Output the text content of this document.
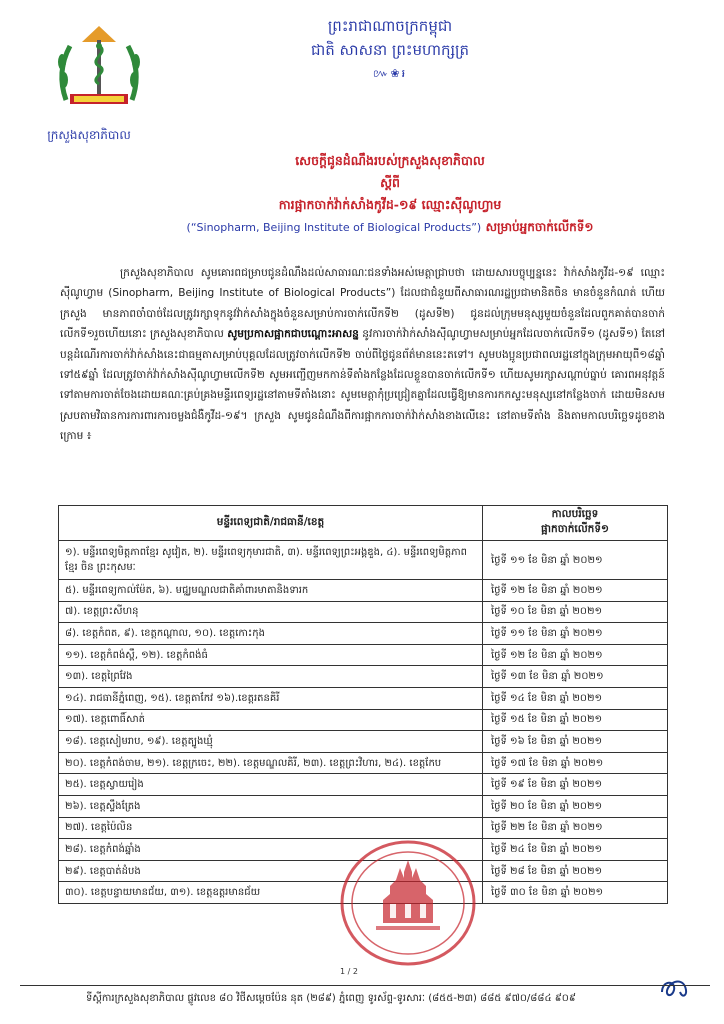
ក្រសួងសុខាភិបាល
ព្រះរាជាណាចក្រកម្ពុជា
ជាតិ សាសនា ព្រះមហាក្សត្រ
៚❀៛
សេចក្តីជូនដំណឹងរបស់ក្រសួងសុខាភិបាល
ស្តីពី
ការផ្អាកចាក់វ៉ាក់សាំងកូវីដ-១៩ ឈ្មោះស៊ីណូហ្វាម
(“Sinopharm, Beijing Institute of Biological Products”) សម្រាប់អ្នកចាក់លើកទី១

ក្រសួងសុខាភិបាល សូមគោរពជម្រាបជូនដំណឹងដល់សាធារណៈជនទាំងអស់មេត្តាជ្រាបថា ដោយសារបច្ចុប្បន្ននេះ វ៉ាក់សាំងកូវីដ-១៩ ឈ្មោះស៊ីណូហ្វាម (Sinopharm, Beijing Institute of Biological Products”) ដែលជាជំនួយពីសាធារណរដ្ឋប្រជាមានិតចិន មានចំនួនកំណត់ ហើយក្រសួង មានភាពចាំបាច់ដែលត្រូវរក្សាទុកនូវវ៉ាក់សាំងក្នុងចំនួនសម្រាប់ការចាក់លើកទី២ (ដូសទី២) ជូនដល់ក្រុមមនុស្សមួយចំនួនដែលពួកគាត់បានចាក់លើកទី១រួចហើយនោះ ក្រសួងសុខាភិបាល សូមប្រកាសផ្អាកជាបណ្តោះអាសន្ន នូវការចាក់វ៉ាក់សាំងស៊ីណូហ្វាមសម្រាប់អ្នកដែលចាក់លើកទី១ (ដូសទី១) តែនៅបន្តដំណើរការចាក់វ៉ាក់សាំងនេះជាធម្មតាសម្រាប់បុគ្គលដែលត្រូវចាក់លើកទី២ ចាប់ពីថ្ងៃជូនព័ត៌មាននេះតទៅ។ សូមបងប្អូនប្រជាពលរដ្ឋនៅក្នុងក្រុមអាយុពី១៨ឆ្នាំ ទៅ៥៩ឆ្នាំ ដែលត្រូវចាក់វ៉ាក់សាំងស៊ីណូហ្វាមលើកទី២ សូមអញ្ជើញមកកាន់ទីតាំងកន្លែងដែលខ្លួនបានចាក់លើកទី១ ហើយសូមរក្សាសណ្តាប់ធ្នាប់ គោរពអនុវត្តន៍ទៅតាមការចាត់ចែងដោយគណៈគ្រប់គ្រងមន្ទីរពេទ្យរដ្ឋនៅតាមទីតាំងនោះ សូមមេត្តាកុំប្រជ្រៀតគ្នាដែលធ្វើឱ្យមានការកកស្ទះមនុស្សនៅកន្លែងចាក់ ដោយមិនសមស្របតាមវិធានការការពារការចម្លងជំងឺកូវីដ-១៩។ ក្រសួង សូមជូនដំណឹងពីការផ្អាកការចាក់វ៉ាក់សាំងខាងលើនេះ នៅតាមទីតាំង និងតាមកាលបរិច្ឆេទដូចខាងក្រោម ៖

មន្ទីរពេទ្យជាតិ/រាជធានី/ខេត្ត	កាលបរិច្ឆេទ
ផ្អាកចាក់លើកទី១

១). មន្ទីរពេទ្យមិត្តភាពខ្មែរ សូវៀត, ២). មន្ទីរពេទ្យកុមារជាតិ, ៣). មន្ទីរពេទ្យព្រះអង្គឌួង, ៤). មន្ទីរពេទ្យមិត្តភាពខ្មែរ ចិន ព្រះកុសមៈ	ថ្ងៃទី ១១ ខែ មិនា ឆ្នាំ ២០២១
៥). មន្ទីរពេទ្យកាល់ម៉ែត, ៦). មជ្ឈមណ្ឌលជាតិគាំពារមាតានិងទារក	ថ្ងៃទី ១២ ខែ មិនា ឆ្នាំ ២០២១
៧). ខេត្តព្រះសីហនុ	ថ្ងៃទី ១០ ខែ មិនា ឆ្នាំ ២០២១
៨). ខេត្តកំពត, ៩). ខេត្តកណ្តាល, ១០). ខេត្តកោះកុង	ថ្ងៃទី ១១ ខែ មិនា ឆ្នាំ ២០២១
១១). ខេត្តកំពង់ស្ពឺ, ១២). ខេត្តកំពង់ធំ	ថ្ងៃទី ១២ ខែ មិនា ឆ្នាំ ២០២១
១៣). ខេត្តព្រៃវែង	ថ្ងៃទី ១៣ ខែ មិនា ឆ្នាំ ២០២១
១៤). រាជធានីភ្នំពេញ, ១៥). ខេត្តតាកែវ ១៦).ខេត្តរតនគិរី	ថ្ងៃទី ១៤ ខែ មិនា ឆ្នាំ ២០២១
១៧). ខេត្តពោធិ៍សាត់	ថ្ងៃទី ១៥ ខែ មិនា ឆ្នាំ ២០២១
១៨). ខេត្តសៀមរាប, ១៩). ខេត្តត្បូងឃ្មុំ	ថ្ងៃទី ១៦ ខែ មិនា ឆ្នាំ ២០២១
២០). ខេត្តកំពង់ចាម, ២១). ខេត្តក្រចេះ, ២២). ខេត្តមណ្ឌលគិរី, ២៣). ខេត្តព្រះវិហារ, ២៤). ខេត្តកែប	ថ្ងៃទី ១៧ ខែ មិនា ឆ្នាំ ២០២១
២៥). ខេត្តស្វាយរៀង	ថ្ងៃទី ១៩ ខែ មិនា ឆ្នាំ ២០២១
២៦). ខេត្តស្ទឹងត្រែង	ថ្ងៃទី ២០ ខែ មិនា ឆ្នាំ ២០២១
២៧). ខេត្តប៉ៃលិន	ថ្ងៃទី ២២ ខែ មិនា ឆ្នាំ ២០២១
២៨). ខេត្តកំពង់ឆ្នាំង	ថ្ងៃទី ២៤ ខែ មិនា ឆ្នាំ ២០២១
២៩). ខេត្តបាត់ដំបង	ថ្ងៃទី ២៨ ខែ មិនា ឆ្នាំ ២០២១
៣០). ខេត្តបន្ទាយមានជ័យ, ៣១). ខេត្តឧត្តរមានជ័យ	ថ្ងៃទី ៣០ ខែ មិនា ឆ្នាំ ២០២១
1 / 2
ទីស្តីការក្រសួងសុខាភិបាល ផ្លូវលេខ ៨០ វិថីសម្តេចប៉ែន នុត (២៨៩) ភ្នំពេញ ទូរស័ព្ទ-ទូរសារៈ (៨៥៥-២៣) ៨៨៥ ៩៧០/៨៨៤ ៩០៩
